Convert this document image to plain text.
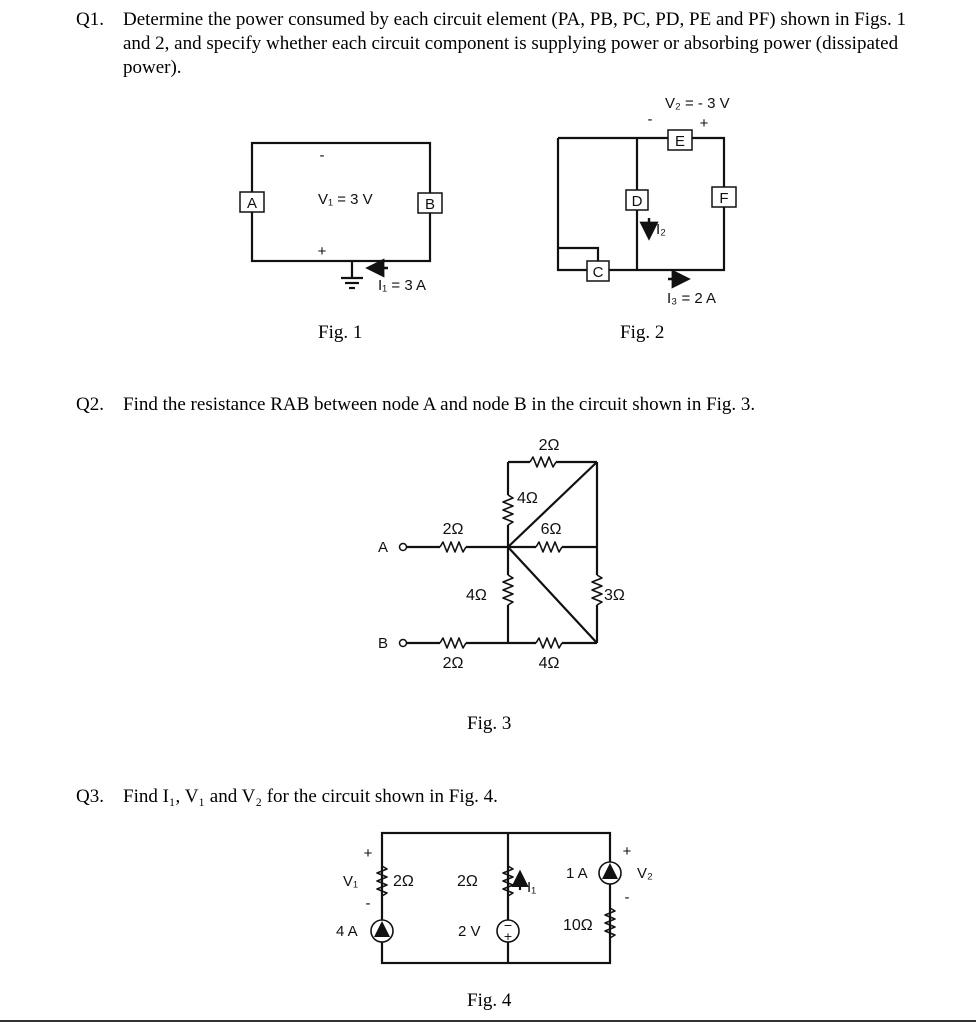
Q1. Determine the power consumed by each circuit element (PA, PB, PC, PD, PE and PF) shown in Figs. 1 and 2, and specify whether each circuit component is supplying power or absorbing power (dissipated power).
Q2. Find the resistance RAB between node A and node B in the circuit shown in Fig. 3.
Q3. Find I₁, V₁ and V₂ for the circuit shown in Fig. 4.
Fig. 1	Fig. 2
Fig. 3
Fig. 4
A	B
-
V₁ = 3 V
+
I₁ = 3 A
C
D
E
F
V₂ = - 3 V
-	+
I₂
I₃ = 2 A
A
2Ω
4Ω
2Ω
6Ω
3Ω
4Ω
B
2Ω	4Ω
2Ω
+
V₁
-
4 A
2Ω	I₁
−
+
2 V
1 A
+
V₂
-
10Ω
